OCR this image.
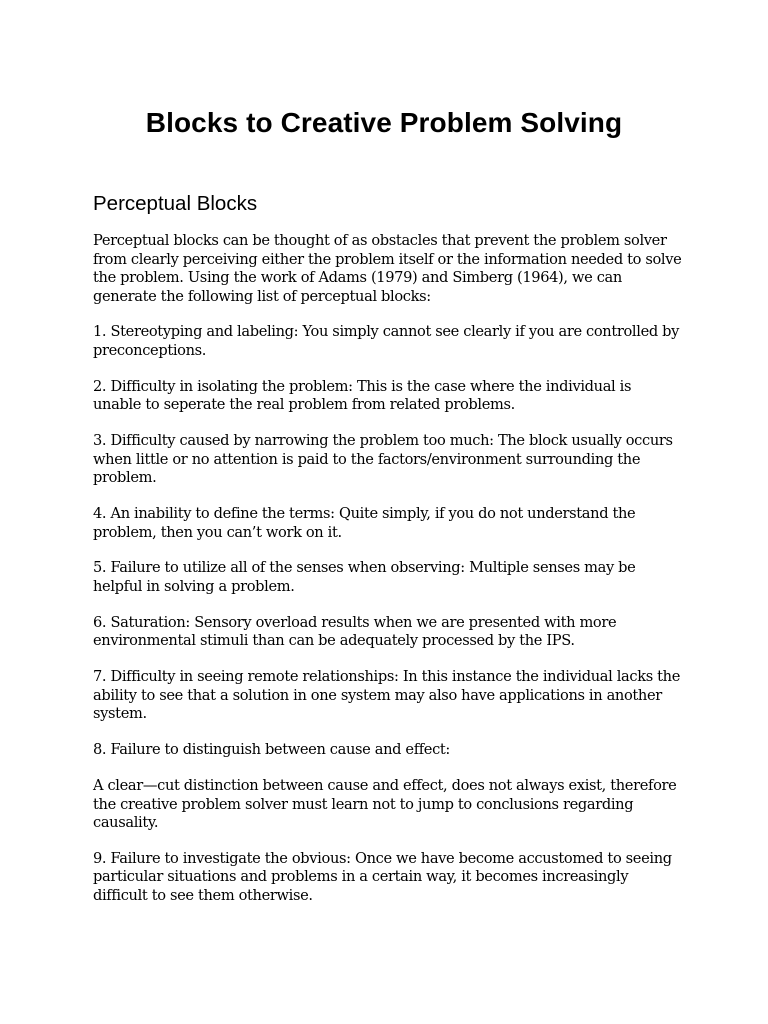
Blocks to Creative Problem Solving
Perceptual Blocks

Perceptual blocks can be thought of as obstacles that prevent the problem solver from clearly perceiving either the problem itself or the information needed to solve the problem. Using the work of Adams (1979) and Simberg (1964), we can generate the following list of perceptual blocks:

1. Stereotyping and labeling: You simply cannot see clearly if you are controlled by preconceptions.

2. Difficulty in isolating the problem: This is the case where the individual is unable to seperate the real problem from related problems.

3. Difficulty caused by narrowing the problem too much: The block usually occurs when little or no attention is paid to the factors/environment surrounding the problem.

4. An inability to define the terms: Quite simply, if you do not understand the problem, then you can’t work on it.

5. Failure to utilize all of the senses when observing: Multiple senses may be helpful in solving a problem.

6. Saturation: Sensory overload results when we are presented with more environmental stimuli than can be adequately processed by the IPS.

7. Difficulty in seeing remote relationships: In this instance the individual lacks the ability to see that a solution in one system may also have applications in another system.

8. Failure to distinguish between cause and effect:

A clear—cut distinction between cause and effect, does not always exist, therefore the creative problem solver must learn not to jump to conclusions regarding causality.

9. Failure to investigate the obvious: Once we have become accustomed to seeing particular situations and problems in a certain way, it becomes increasingly difficult to see them otherwise.
